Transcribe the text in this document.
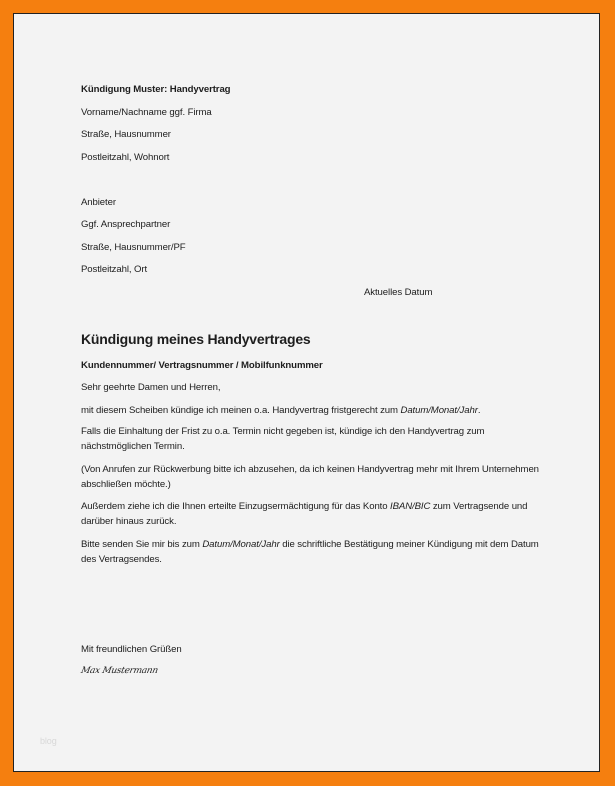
Kündigung Muster: Handyvertrag
Vorname/Nachname ggf. Firma
Straße, Hausnummer
Postleitzahl, Wohnort
Anbieter
Ggf. Ansprechpartner
Straße, Hausnummer/PF
Postleitzahl, Ort
Aktuelles Datum
Kündigung meines Handyvertrages
Kundennummer/ Vertragsnummer / Mobilfunknummer
Sehr geehrte Damen und Herren,
mit diesem Scheiben kündige ich meinen o.a. Handyvertrag fristgerecht zum Datum/Monat/Jahr.
Falls die Einhaltung der Frist zu o.a. Termin nicht gegeben ist, kündige ich den Handyvertrag zum nächstmöglichen Termin.
(Von Anrufen zur Rückwerbung bitte ich abzusehen, da ich keinen Handyvertrag mehr mit Ihrem Unternehmen abschließen möchte.)
Außerdem ziehe ich die Ihnen erteilte Einzugsermächtigung für das Konto IBAN/BIC zum Vertragsende und darüber hinaus zurück.
Bitte senden Sie mir bis zum Datum/Monat/Jahr die schriftliche Bestätigung meiner Kündigung mit dem Datum des Vertragsendes.
Mit freundlichen Grüßen
Max Mustermann
blog
